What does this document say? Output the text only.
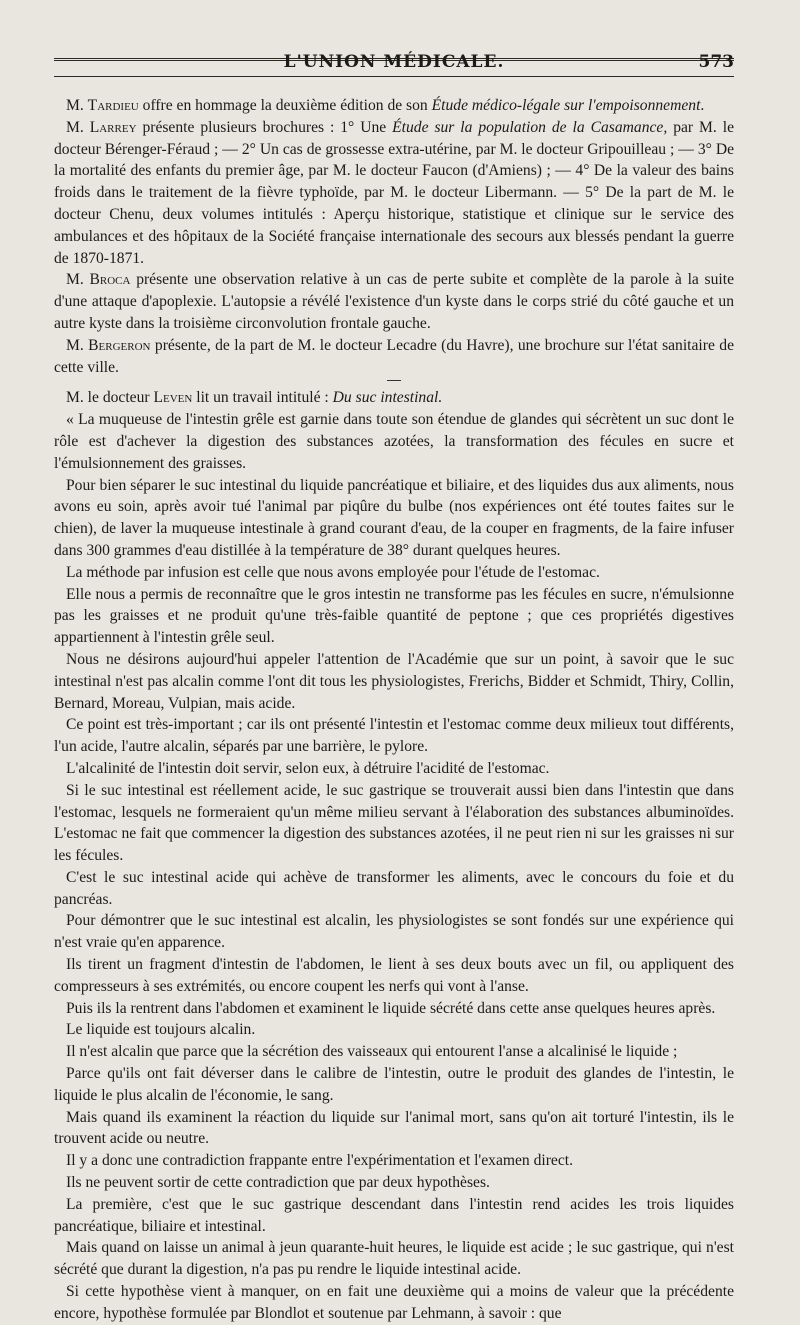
L'UNION MÉDICALE.	573

M. Tardieu offre en hommage la deuxième édition de son Étude médico-légale sur l'empoisonnement.

M. Larrey présente plusieurs brochures : 1° Une Étude sur la population de la Casamance, par M. le docteur Bérenger-Féraud ; — 2° Un cas de grossesse extra-utérine, par M. le docteur Gripouilleau ; — 3° De la mortalité des enfants du premier âge, par M. le docteur Faucon (d'Amiens) ; — 4° De la valeur des bains froids dans le traitement de la fièvre typhoïde, par M. le docteur Libermann. — 5° De la part de M. le docteur Chenu, deux volumes intitulés : Aperçu historique, statistique et clinique sur le service des ambulances et des hôpitaux de la Société française internationale des secours aux blessés pendant la guerre de 1870-1871.

M. Broca présente une observation relative à un cas de perte subite et complète de la parole à la suite d'une attaque d'apoplexie. L'autopsie a révélé l'existence d'un kyste dans le corps strié du côté gauche et un autre kyste dans la troisième circonvolution frontale gauche.

M. Bergeron présente, de la part de M. le docteur Lecadre (du Havre), une brochure sur l'état sanitaire de cette ville.

M. le docteur Leven lit un travail intitulé : Du suc intestinal.

« La muqueuse de l'intestin grêle est garnie dans toute son étendue de glandes qui sécrètent un suc dont le rôle est d'achever la digestion des substances azotées, la transformation des fécules en sucre et l'émulsionnement des graisses.

Pour bien séparer le suc intestinal du liquide pancréatique et biliaire, et des liquides dus aux aliments, nous avons eu soin, après avoir tué l'animal par piqûre du bulbe (nos expériences ont été toutes faites sur le chien), de laver la muqueuse intestinale à grand courant d'eau, de la couper en fragments, de la faire infuser dans 300 grammes d'eau distillée à la température de 38° durant quelques heures.

La méthode par infusion est celle que nous avons employée pour l'étude de l'estomac.

Elle nous a permis de reconnaître que le gros intestin ne transforme pas les fécules en sucre, n'émulsionne pas les graisses et ne produit qu'une très-faible quantité de peptone ; que ces propriétés digestives appartiennent à l'intestin grêle seul.

Nous ne désirons aujourd'hui appeler l'attention de l'Académie que sur un point, à savoir que le suc intestinal n'est pas alcalin comme l'ont dit tous les physiologistes, Frerichs, Bidder et Schmidt, Thiry, Collin, Bernard, Moreau, Vulpian, mais acide.

Ce point est très-important ; car ils ont présenté l'intestin et l'estomac comme deux milieux tout différents, l'un acide, l'autre alcalin, séparés par une barrière, le pylore.

L'alcalinité de l'intestin doit servir, selon eux, à détruire l'acidité de l'estomac.

Si le suc intestinal est réellement acide, le suc gastrique se trouverait aussi bien dans l'intestin que dans l'estomac, lesquels ne formeraient qu'un même milieu servant à l'élaboration des substances albuminoïdes. L'estomac ne fait que commencer la digestion des substances azotées, il ne peut rien ni sur les graisses ni sur les fécules.

C'est le suc intestinal acide qui achève de transformer les aliments, avec le concours du foie et du pancréas.

Pour démontrer que le suc intestinal est alcalin, les physiologistes se sont fondés sur une expérience qui n'est vraie qu'en apparence.

Ils tirent un fragment d'intestin de l'abdomen, le lient à ses deux bouts avec un fil, ou appliquent des compresseurs à ses extrémités, ou encore coupent les nerfs qui vont à l'anse.

Puis ils la rentrent dans l'abdomen et examinent le liquide sécrété dans cette anse quelques heures après.

Le liquide est toujours alcalin.

Il n'est alcalin que parce que la sécrétion des vaisseaux qui entourent l'anse a alcalinisé le liquide ;

Parce qu'ils ont fait déverser dans le calibre de l'intestin, outre le produit des glandes de l'intestin, le liquide le plus alcalin de l'économie, le sang.

Mais quand ils examinent la réaction du liquide sur l'animal mort, sans qu'on ait torturé l'intestin, ils le trouvent acide ou neutre.

Il y a donc une contradiction frappante entre l'expérimentation et l'examen direct.

Ils ne peuvent sortir de cette contradiction que par deux hypothèses.

La première, c'est que le suc gastrique descendant dans l'intestin rend acides les trois liquides pancréatique, biliaire et intestinal.

Mais quand on laisse un animal à jeun quarante-huit heures, le liquide est acide ; le suc gastrique, qui n'est sécrété que durant la digestion, n'a pas pu rendre le liquide intestinal acide.

Si cette hypothèse vient à manquer, on en fait une deuxième qui a moins de valeur que la précédente encore, hypothèse formulée par Blondlot et soutenue par Lehmann, à savoir : que
